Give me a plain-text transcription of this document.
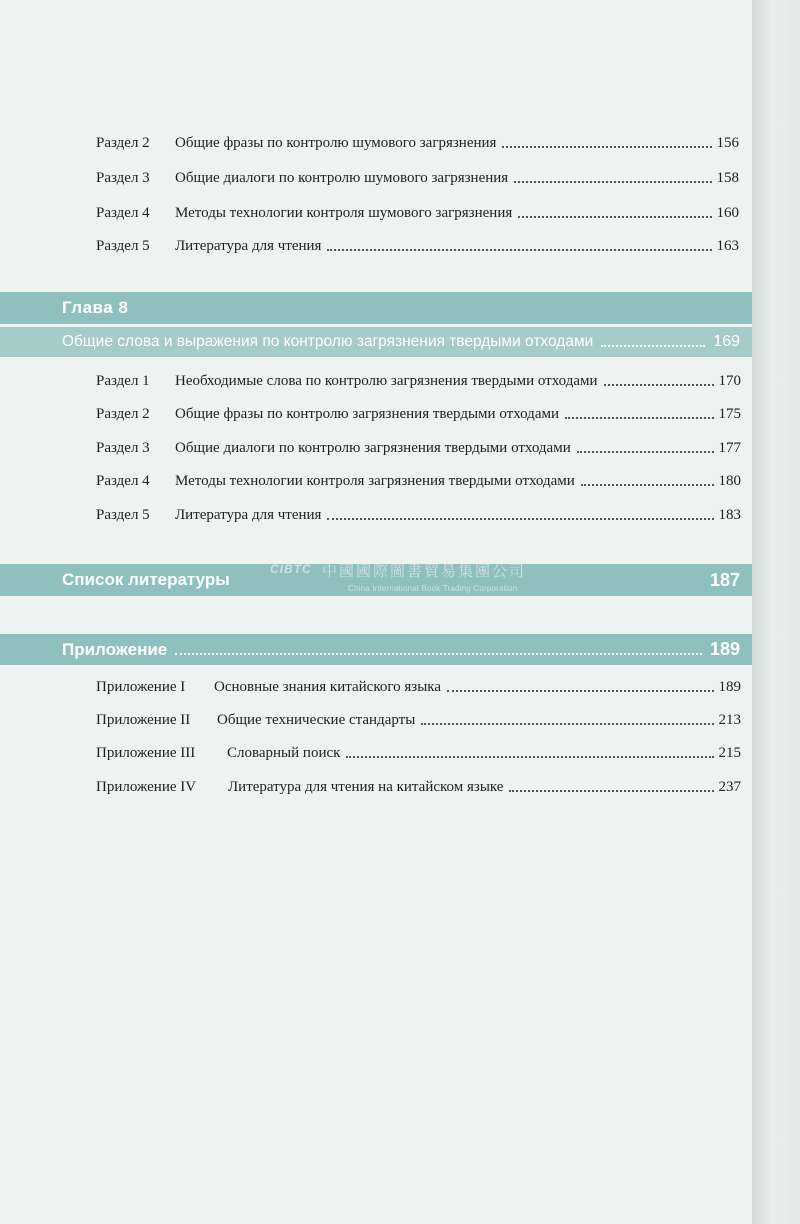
Раздел 2	Общие фразы по контролю шумового загрязнения	156
Раздел 3	Общие диалоги по контролю шумового загрязнения	158
Раздел 4	Методы технологии контроля шумового загрязнения	160
Раздел 5	Литература для чтения	163
Глава 8
Общие слова и выражения по контролю загрязнения твердыми отходами	169
Раздел 1	Необходимые слова по контролю загрязнения твердыми отходами	170
Раздел 2	Общие фразы по контролю загрязнения твердыми отходами	175
Раздел 3	Общие диалоги по контролю загрязнения твердыми отходами	177
Раздел 4	Методы технологии контроля загрязнения твердыми отходами	180
Раздел 5	Литература для чтения	183
Список литературы	187
CIBTC 中國國際圖書貿易集團公司
China International Book Trading Corporation
Приложение	189
Приложение I	Основные знания китайского языка	189
Приложение II	Общие технические стандарты	213
Приложение III	Словарный поиск	215
Приложение IV	Литература для чтения на китайском языке	237
